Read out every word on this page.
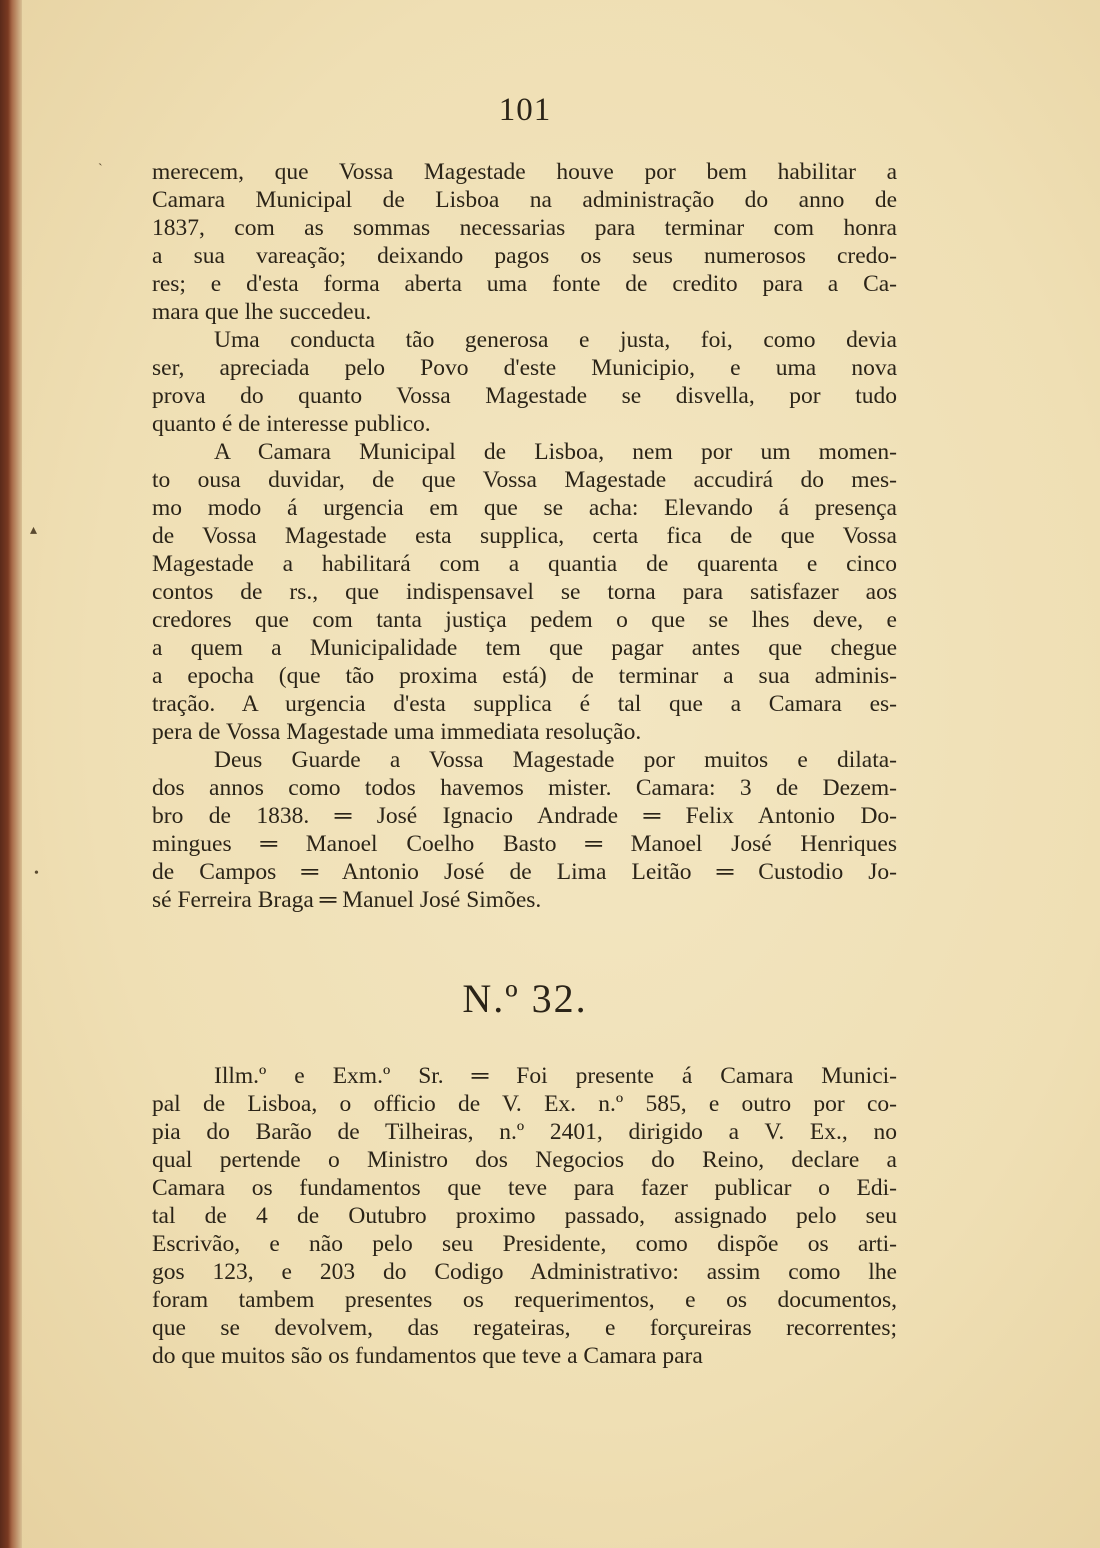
101
merecem, que Vossa Magestade houve por bem habilitar a
Camara Municipal de Lisboa na administração do anno de
1837, com as sommas necessarias para terminar com honra
a sua vareação; deixando pagos os seus numerosos credo-
res; e d'esta forma aberta uma fonte de credito para a Ca-
mara que lhe succedeu.
Uma conducta tão generosa e justa, foi, como devia
ser, apreciada pelo Povo d'este Municipio, e uma nova
prova do quanto Vossa Magestade se disvella, por tudo
quanto é de interesse publico.
A Camara Municipal de Lisboa, nem por um momen-
to ousa duvidar, de que Vossa Magestade accudirá do mes-
mo modo á urgencia em que se acha: Elevando á presença
de Vossa Magestade esta supplica, certa fica de que Vossa
Magestade a habilitará com a quantia de quarenta e cinco
contos de rs., que indispensavel se torna para satisfazer aos
credores que com tanta justiça pedem o que se lhes deve, e
a quem a Municipalidade tem que pagar antes que chegue
a epocha (que tão proxima está) de terminar a sua adminis-
tração. A urgencia d'esta supplica é tal que a Camara es-
pera de Vossa Magestade uma immediata resolução.
Deus Guarde a Vossa Magestade por muitos e dilata-
dos annos como todos havemos mister. Camara: 3 de Dezem-
bro de 1838. ═ José Ignacio Andrade ═ Felix Antonio Do-
mingues ═ Manoel Coelho Basto ═ Manoel José Henriques
de Campos ═ Antonio José de Lima Leitão ═ Custodio Jo-
sé Ferreira Braga ═ Manuel José Simões.
N.º 32.
Illm.º e Exm.º Sr. ═ Foi presente á Camara Munici-
pal de Lisboa, o officio de V. Ex. n.º 585, e outro por co-
pia do Barão de Tilheiras, n.º 2401, dirigido a V. Ex., no
qual pertende o Ministro dos Negocios do Reino, declare a
Camara os fundamentos que teve para fazer publicar o Edi-
tal de 4 de Outubro proximo passado, assignado pelo seu
Escrivão, e não pelo seu Presidente, como dispõe os arti-
gos 123, e 203 do Codigo Administrativo: assim como lhe
foram tambem presentes os requerimentos, e os documentos,
que se devolvem, das regateiras, e forçureiras recorrentes;
do que muitos são os fundamentos que teve a Camara para
`
▴
•
